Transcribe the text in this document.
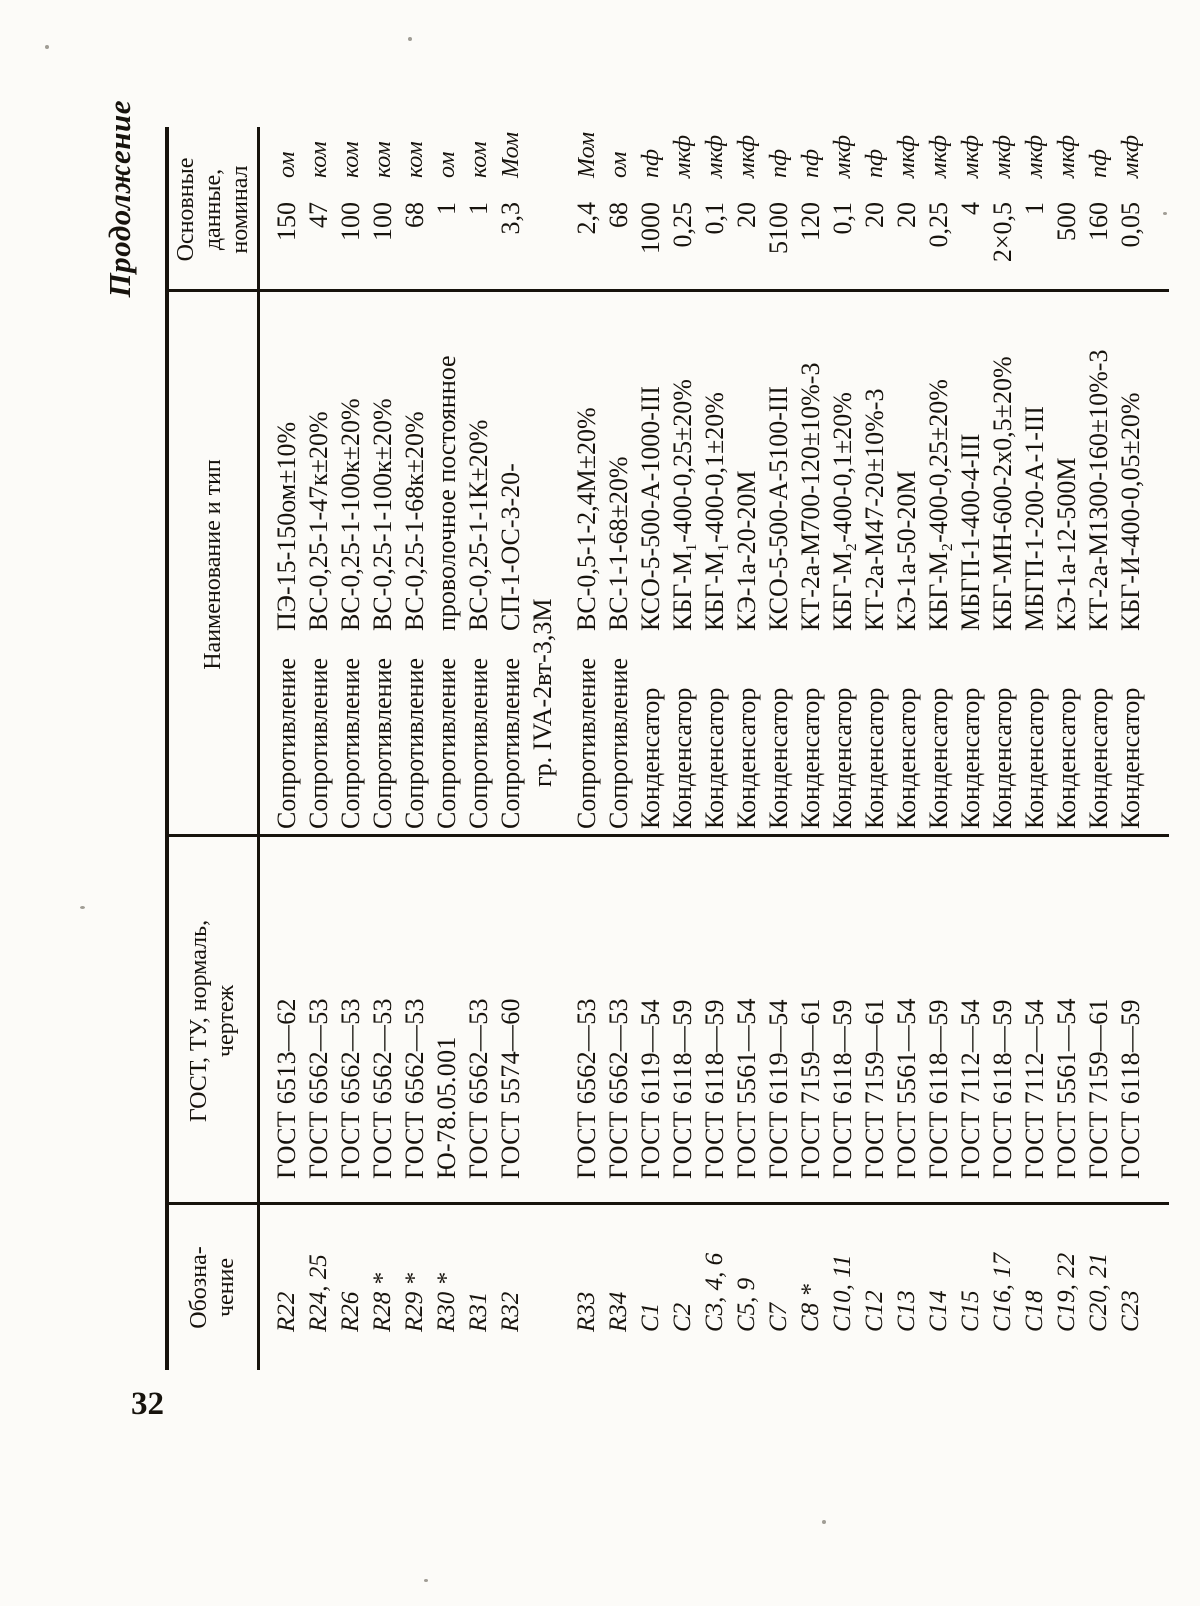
32
Продолжение
Обозна- чение
ГОСТ, ТУ, нормаль, чертеж
Наименование и тип
Основные данные, номинал
R22
ГОСТ 6513—62
Сопротивление
ПЭ-15-150ом±10%
150
ом
R24, 25
ГОСТ 6562—53
Сопротивление
ВС-0,25-1-47к±20%
47
ком
R26
ГОСТ 6562—53
Сопротивление
ВС-0,25-1-100к±20%
100
ком
R28 *
ГОСТ 6562—53
Сопротивление
ВС-0,25-1-100к±20%
100
ком
R29 *
ГОСТ 6562—53
Сопротивление
ВС-0,25-1-68к±20%
68
ком
R30 *
Ю-78.05.001
Сопротивление
проволочное постоянное
1
ом
R31
ГОСТ 6562—53
Сопротивление
ВС-0,25-1-1К±20%
1
ком
R32
ГОСТ 5574—60
Сопротивление
СП-1-ОС-3-20-
гр. IVA-2вт-3,3М
3,3
Мом
R33
ГОСТ 6562—53
Сопротивление
ВС-0,5-1-2,4М±20%
2,4
Мом
R34
ГОСТ 6562—53
Сопротивление
ВС-1-1-68±20%
68
ом
C1
ГОСТ 6119—54
Конденсатор
КСО-5-500-А-1000-III
1000
пф
C2
ГОСТ 6118—59
Конденсатор
КБГ-М₁-400-0,25±20%
0,25
мкф
C3, 4, 6
ГОСТ 6118—59
Конденсатор
КБГ-М₁-400-0,1±20%
0,1
мкф
C5, 9
ГОСТ 5561—54
Конденсатор
КЭ-1а-20-20М
20
мкф
C7
ГОСТ 6119—54
Конденсатор
КСО-5-500-А-5100-III
5100
пф
C8 *
ГОСТ 7159—61
Конденсатор
КТ-2а-М700-120±10%-3
120
пф
C10, 11
ГОСТ 6118—59
Конденсатор
КБГ-М₂-400-0,1±20%
0,1
мкф
C12
ГОСТ 7159—61
Конденсатор
КТ-2а-М47-20±10%-3
20
пф
C13
ГОСТ 5561—54
Конденсатор
КЭ-1а-50-20М
20
мкф
C14
ГОСТ 6118—59
Конденсатор
КБГ-М₂-400-0,25±20%
0,25
мкф
C15
ГОСТ 7112—54
Конденсатор
МБГП-1-400-4-III
4
мкф
C16, 17
ГОСТ 6118—59
Конденсатор
КБГ-МН-600-2х0,5±20%
2×0,5
мкф
C18
ГОСТ 7112—54
Конденсатор
МБГП-1-200-А-1-III
1
мкф
C19, 22
ГОСТ 5561—54
Конденсатор
КЭ-1а-12-500М
500
мкф
C20, 21
ГОСТ 7159—61
Конденсатор
КТ-2а-М1300-160±10%-3
160
пф
C23
ГОСТ 6118—59
Конденсатор
КБГ-И-400-0,05±20%
0,05
мкф
